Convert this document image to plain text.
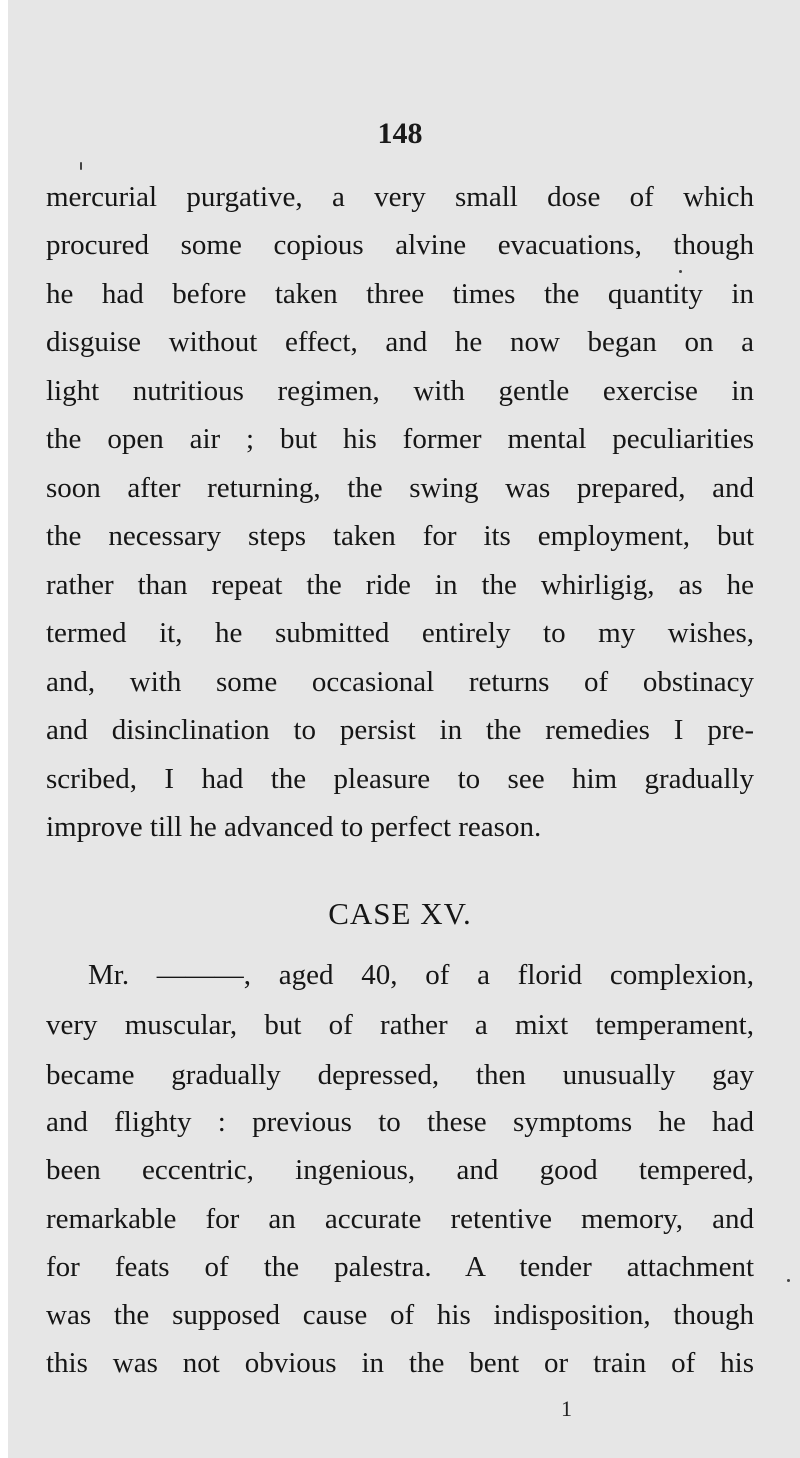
148
mercurial purgative, a very small dose of which
procured some copious alvine evacuations, though
he had before taken three times the quantity in
disguise without effect, and he now began on a
light nutritious regimen, with gentle exercise in
the open air ; but his former mental peculiarities
soon after returning, the swing was prepared, and
the necessary steps taken for its employment, but
rather than repeat the ride in the whirligig, as he
termed it, he submitted entirely to my wishes,
and, with some occasional returns of obstinacy
and disinclination to persist in the remedies I pre-
scribed, I had the pleasure to see him gradually
improve till he advanced to perfect reason.
CASE XV.
Mr. ———, aged 40, of a florid complexion,
very muscular, but of rather a mixt temperament,
became gradually depressed, then unusually gay
and flighty : previous to these symptoms he had
been eccentric, ingenious, and good tempered,
remarkable for an accurate retentive memory, and
for feats of the palestra. A tender attachment
was the supposed cause of his indisposition, though
this was not obvious in the bent or train of his
1
